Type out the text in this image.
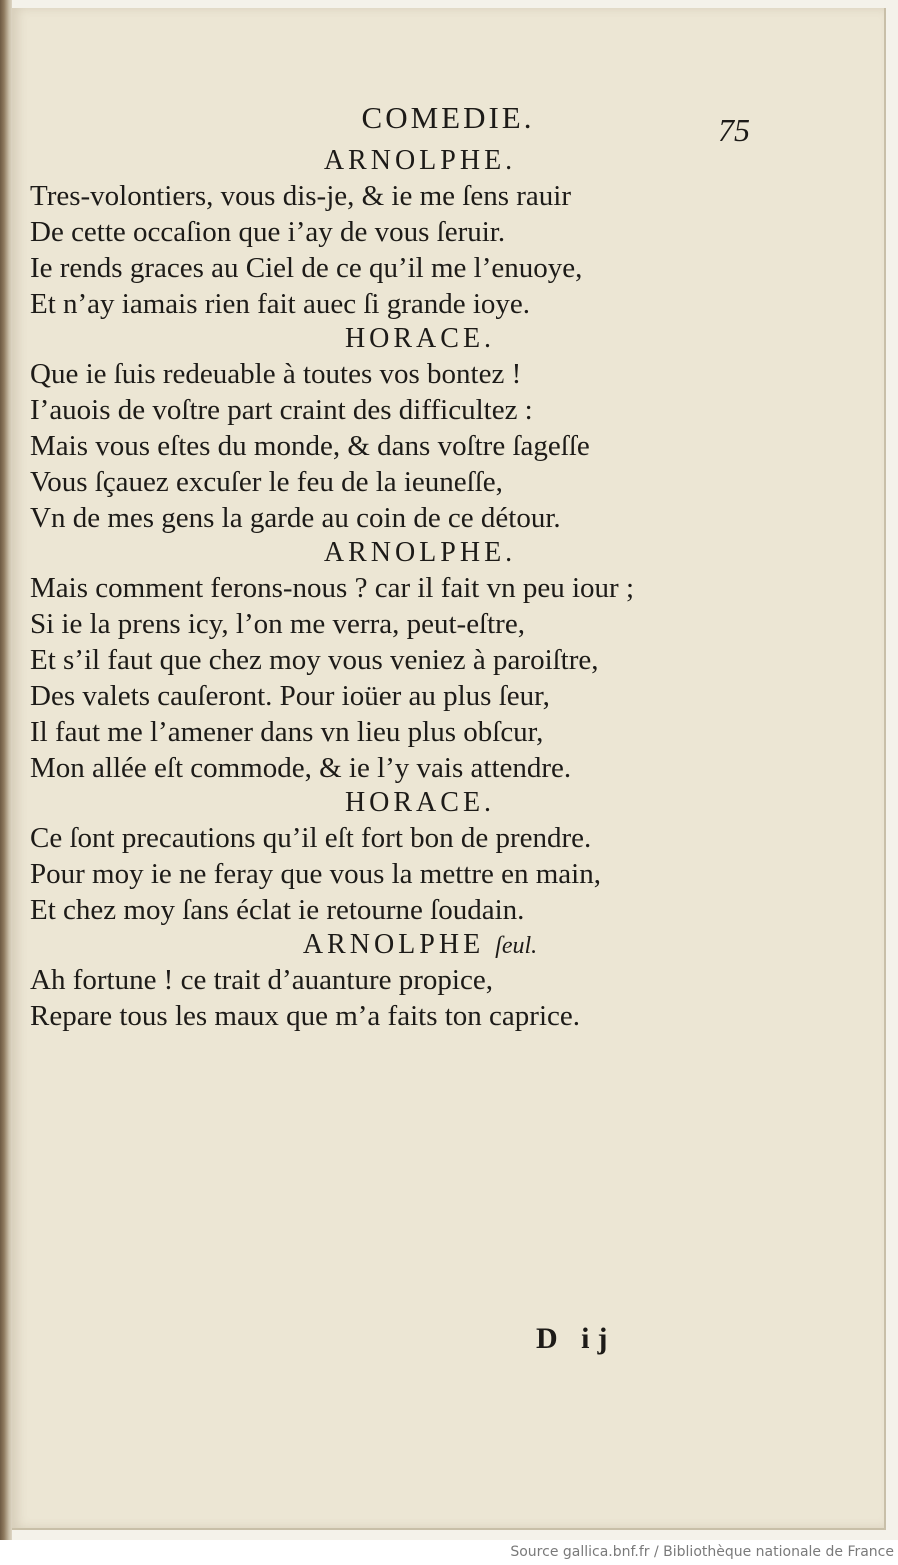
COMEDIE.	75
ARNOLPHE.
Tres-volontiers, vous dis-je, & ie me ſens rauir
De cette occaſion que i’ay de vous ſeruir.
Ie rends graces au Ciel de ce qu’il me l’enuoye,
Et n’ay iamais rien fait auec ſi grande ioye.
HORACE.
Que ie ſuis redeuable à toutes vos bontez !
I’auois de voſtre part craint des difficultez :
Mais vous eſtes du monde, & dans voſtre ſageſſe
Vous ſçauez excuſer le feu de la ieuneſſe,
Vn de mes gens la garde au coin de ce détour.
ARNOLPHE.
Mais comment ferons-nous ? car il fait vn peu iour ;
Si ie la prens icy, l’on me verra, peut-eſtre,
Et s’il faut que chez moy vous veniez à paroiſtre,
Des valets cauſeront. Pour ioüer au plus ſeur,
Il faut me l’amener dans vn lieu plus obſcur,
Mon allée eſt commode, & ie l’y vais attendre.
HORACE.
Ce ſont precautions qu’il eſt fort bon de prendre.
Pour moy ie ne feray que vous la mettre en main,
Et chez moy ſans éclat ie retourne ſoudain.
ARNOLPHE ſeul.
Ah fortune ! ce trait d’auanture propice,
Repare tous les maux que m’a faits ton caprice.
D ij
Source gallica.bnf.fr / Bibliothèque nationale de France
